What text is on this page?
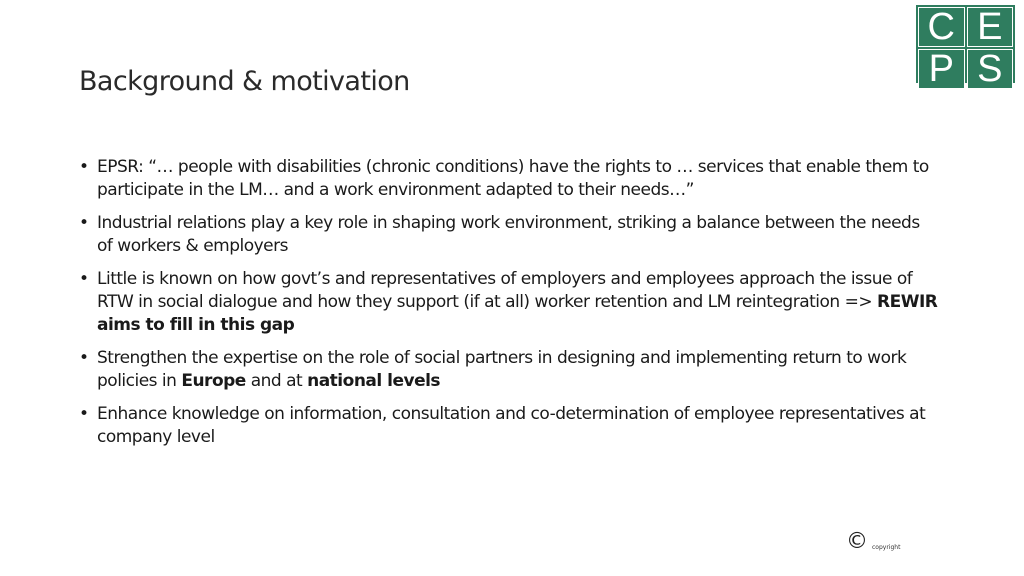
Background & motivation
C E
P S
• EPSR: “… people with disabilities (chronic conditions) have the rights to … services that enable them to participate in the LM… and a work environment adapted to their needs…”
• Industrial relations play a key role in shaping work environment, striking a balance between the needs of workers & employers
• Little is known on how govt’s and representatives of employers and employees approach the issue of RTW in social dialogue and how they support (if at all) worker retention and LM reintegration => REWIR aims to fill in this gap
• Strengthen the expertise on the role of social partners in designing and implementing return to work policies in Europe and at national levels
• Enhance knowledge on information, consultation and co-determination of employee representatives at company level
© copyright
